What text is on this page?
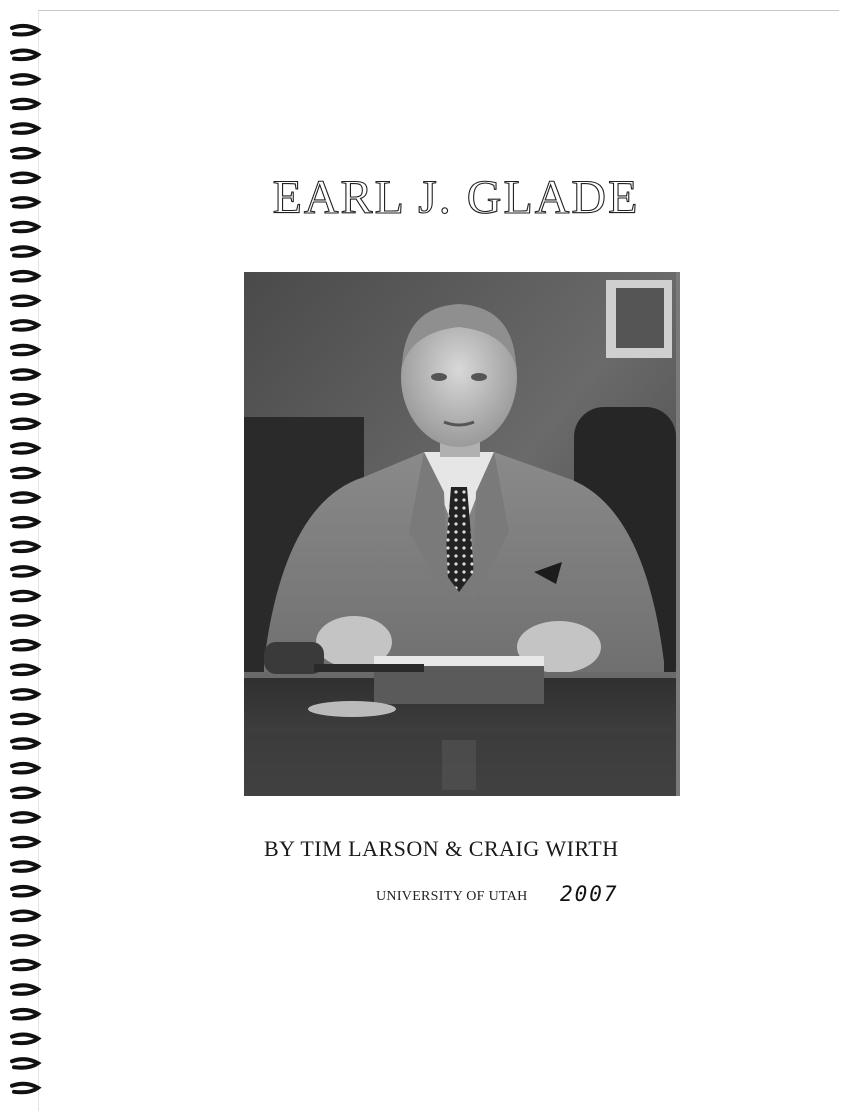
EARL J. GLADE
BY TIM LARSON & CRAIG WIRTH
UNIVERSITY OF UTAH 2007
